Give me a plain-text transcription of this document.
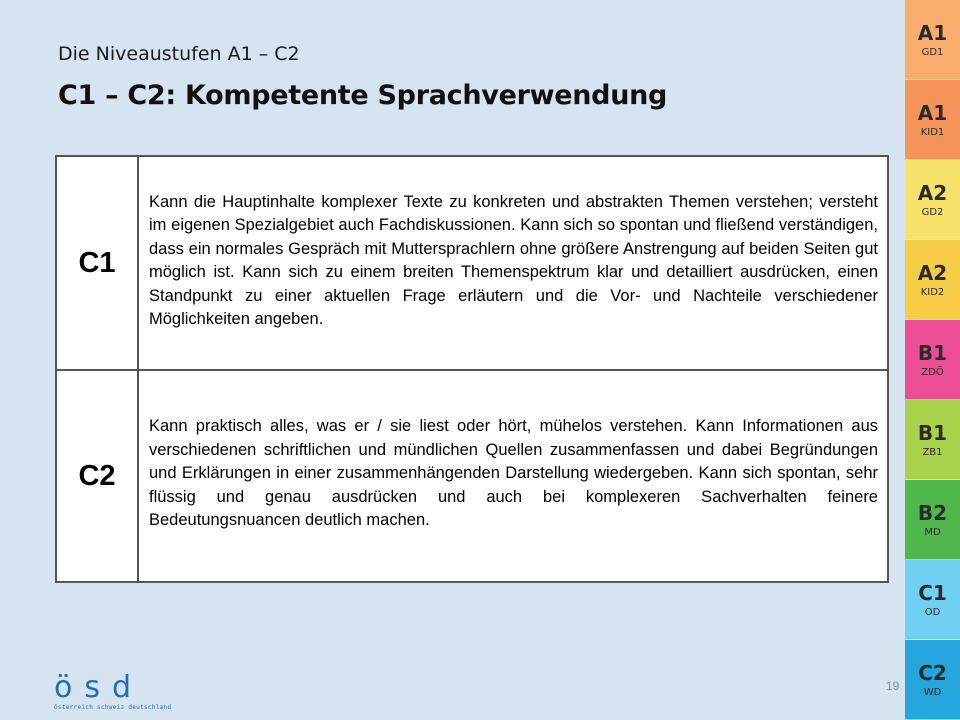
Die Niveaustufen A1 – C2
C1 – C2: Kompetente Sprachverwendung
C1	Kann die Hauptinhalte komplexer Texte zu konkreten und abstrakten Themen verstehen; versteht im eigenen Spezialgebiet auch Fachdiskussionen. Kann sich so spontan und fließend verständigen, dass ein normales Gespräch mit Muttersprachlern ohne größere Anstrengung auf beiden Seiten gut möglich ist. Kann sich zu einem breiten Themenspektrum klar und detailliert ausdrücken, einen Standpunkt zu einer aktuellen Frage erläutern und die Vor- und Nachteile verschiedener Möglichkeiten angeben.
C2	Kann praktisch alles, was er / sie liest oder hört, mühelos verstehen. Kann Informationen aus verschiedenen schriftlichen und mündlichen Quellen zusammenfassen und dabei Begründungen und Erklärungen in einer zusammenhängenden Darstellung wiedergeben. Kann sich spontan, sehr flüssig und genau ausdrücken und auch bei komplexeren Sachverhalten feinere Bedeutungsnuancen deutlich machen.
A1
GD1
A1
KID1
A2
GD2
A2
KID2
B1
ZDÖ
B1
ZB1
B2
MD
C1
OD
C2
WD
ösd
österreich schweiz deutschland
19
